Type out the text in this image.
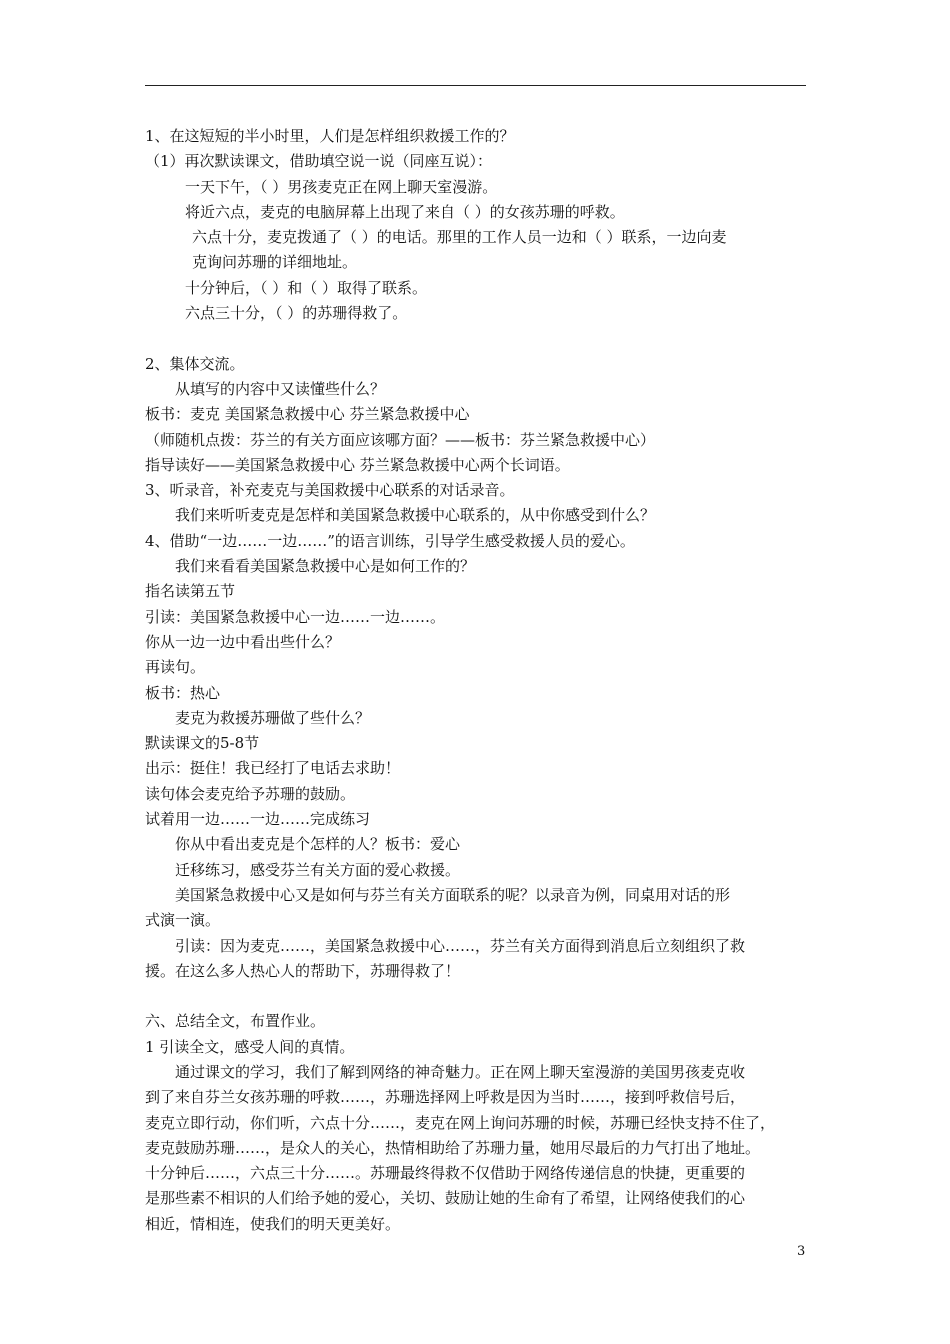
1、在这短短的半小时里，人们是怎样组织救援工作的？
（1）再次默读课文，借助填空说一说（同座互说）：
一天下午，（ ）男孩麦克正在网上聊天室漫游。
将近六点，麦克的电脑屏幕上出现了来自（ ）的女孩苏珊的呼救。
六点十分，麦克拨通了（ ）的电话。那里的工作人员一边和（ ）联系，一边向麦
克询问苏珊的详细地址。
十分钟后，（ ）和（ ）取得了联系。
六点三十分，（ ）的苏珊得救了。
2、集体交流。
从填写的内容中又读懂些什么？
板书：麦克 美国紧急救援中心 芬兰紧急救援中心
（师随机点拨：芬兰的有关方面应该哪方面？——板书：芬兰紧急救援中心）
指导读好——美国紧急救援中心 芬兰紧急救援中心两个长词语。
3、听录音，补充麦克与美国救援中心联系的对话录音。
我们来听听麦克是怎样和美国紧急救援中心联系的，从中你感受到什么？
4、借助“一边……一边……”的语言训练，引导学生感受救援人员的爱心。
我们来看看美国紧急救援中心是如何工作的？
指名读第五节
引读：美国紧急救援中心一边……一边……。
你从一边一边中看出些什么？
再读句。
板书：热心
麦克为救援苏珊做了些什么？
默读课文的5-8节
出示：挺住！我已经打了电话去求助！
读句体会麦克给予苏珊的鼓励。
试着用一边……一边……完成练习
你从中看出麦克是个怎样的人？板书：爱心
迁移练习，感受芬兰有关方面的爱心救援。
美国紧急救援中心又是如何与芬兰有关方面联系的呢？以录音为例，同桌用对话的形
式演一演。
引读：因为麦克……，美国紧急救援中心……，芬兰有关方面得到消息后立刻组织了救
援。在这么多人热心人的帮助下，苏珊得救了！
六、总结全文，布置作业。
1 引读全文，感受人间的真情。
通过课文的学习，我们了解到网络的神奇魅力。正在网上聊天室漫游的美国男孩麦克收
到了来自芬兰女孩苏珊的呼救……，苏珊选择网上呼救是因为当时……，接到呼救信号后，
麦克立即行动，你们听，六点十分……，麦克在网上询问苏珊的时候，苏珊已经快支持不住了，
麦克鼓励苏珊……，是众人的关心，热情相助给了苏珊力量，她用尽最后的力气打出了地址。
十分钟后……，六点三十分……。苏珊最终得救不仅借助于网络传递信息的快捷，更重要的
是那些素不相识的人们给予她的爱心，关切、鼓励让她的生命有了希望，让网络使我们的心
相近，情相连，使我们的明天更美好。
3
